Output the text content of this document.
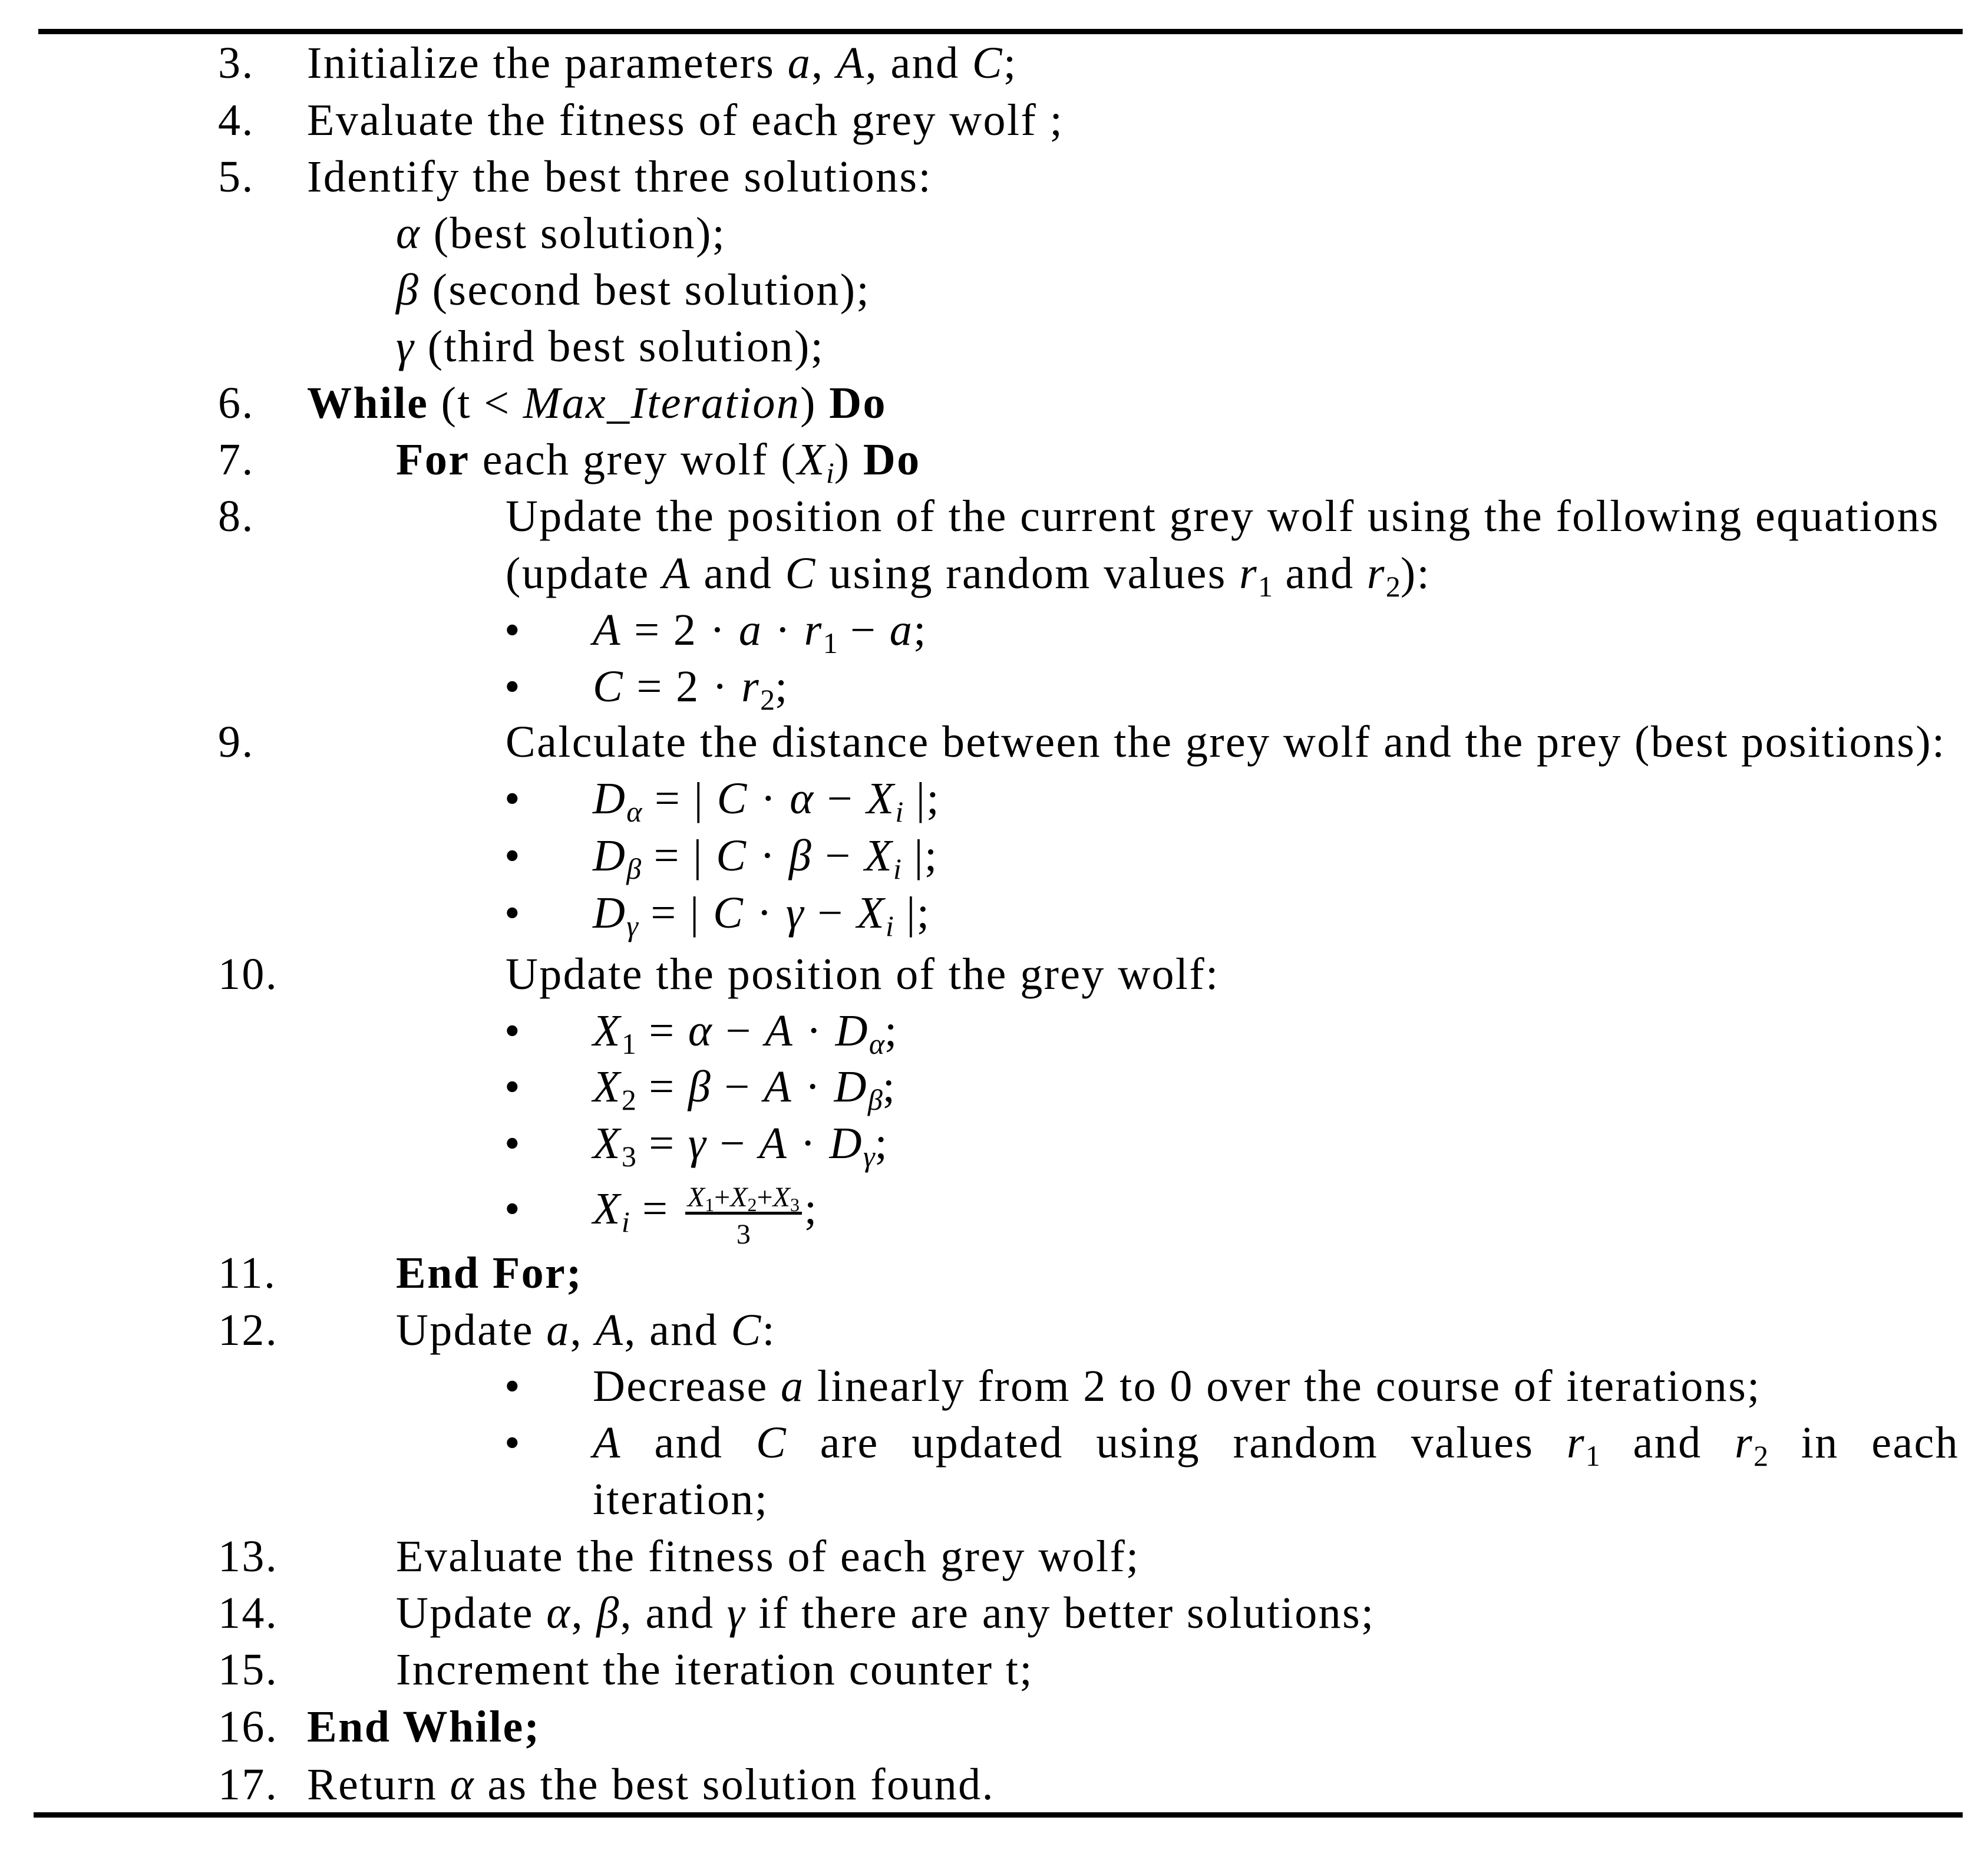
3. Initialize the parameters a, A, and C;
4. Evaluate the fitness of each grey wolf ;
5. Identify the best three solutions:
α (best solution);
β (second best solution);
γ (third best solution);
6. While (t < Max_Iteration) Do
7.	For each grey wolf $(X_i)$ Do
8.	Update the position of the current grey wolf using the following equations
(update A and C using random values $r_1$ and $r_2$):
• $A = 2 \cdot a \cdot r_1 - a$;
• $C = 2 \cdot r_2$;
9.	Calculate the distance between the grey wolf and the prey (best positions):
• $D_\alpha$ = | $C \cdot \alpha - X_i$ |;
• $D_\beta$ = | $C \cdot \beta - X_i$ |;
• $D_\gamma$ = | $C \cdot \gamma - X_i$ |;
10.	Update the position of the grey wolf:
• $X_1 = \alpha - A \cdot D_\alpha$;
• $X_2 = \beta - A \cdot D_\beta$;
• $X_3 = \gamma - A \cdot D_\gamma$;
• $X_i = X_1+X_2+X_3$
3
;
11.	End For;
12.	Update a, A, and C:
• Decrease a linearly from 2 to 0 over the course of iterations;
• A and C are updated using random values $r_1$ and $r_2$ in each
iteration;
13.	Evaluate the fitness of each grey wolf;
14.	Update α, β, and γ if there are any better solutions;
15.	Increment the iteration counter t;
16. End While;
17. Return α as the best solution found.
